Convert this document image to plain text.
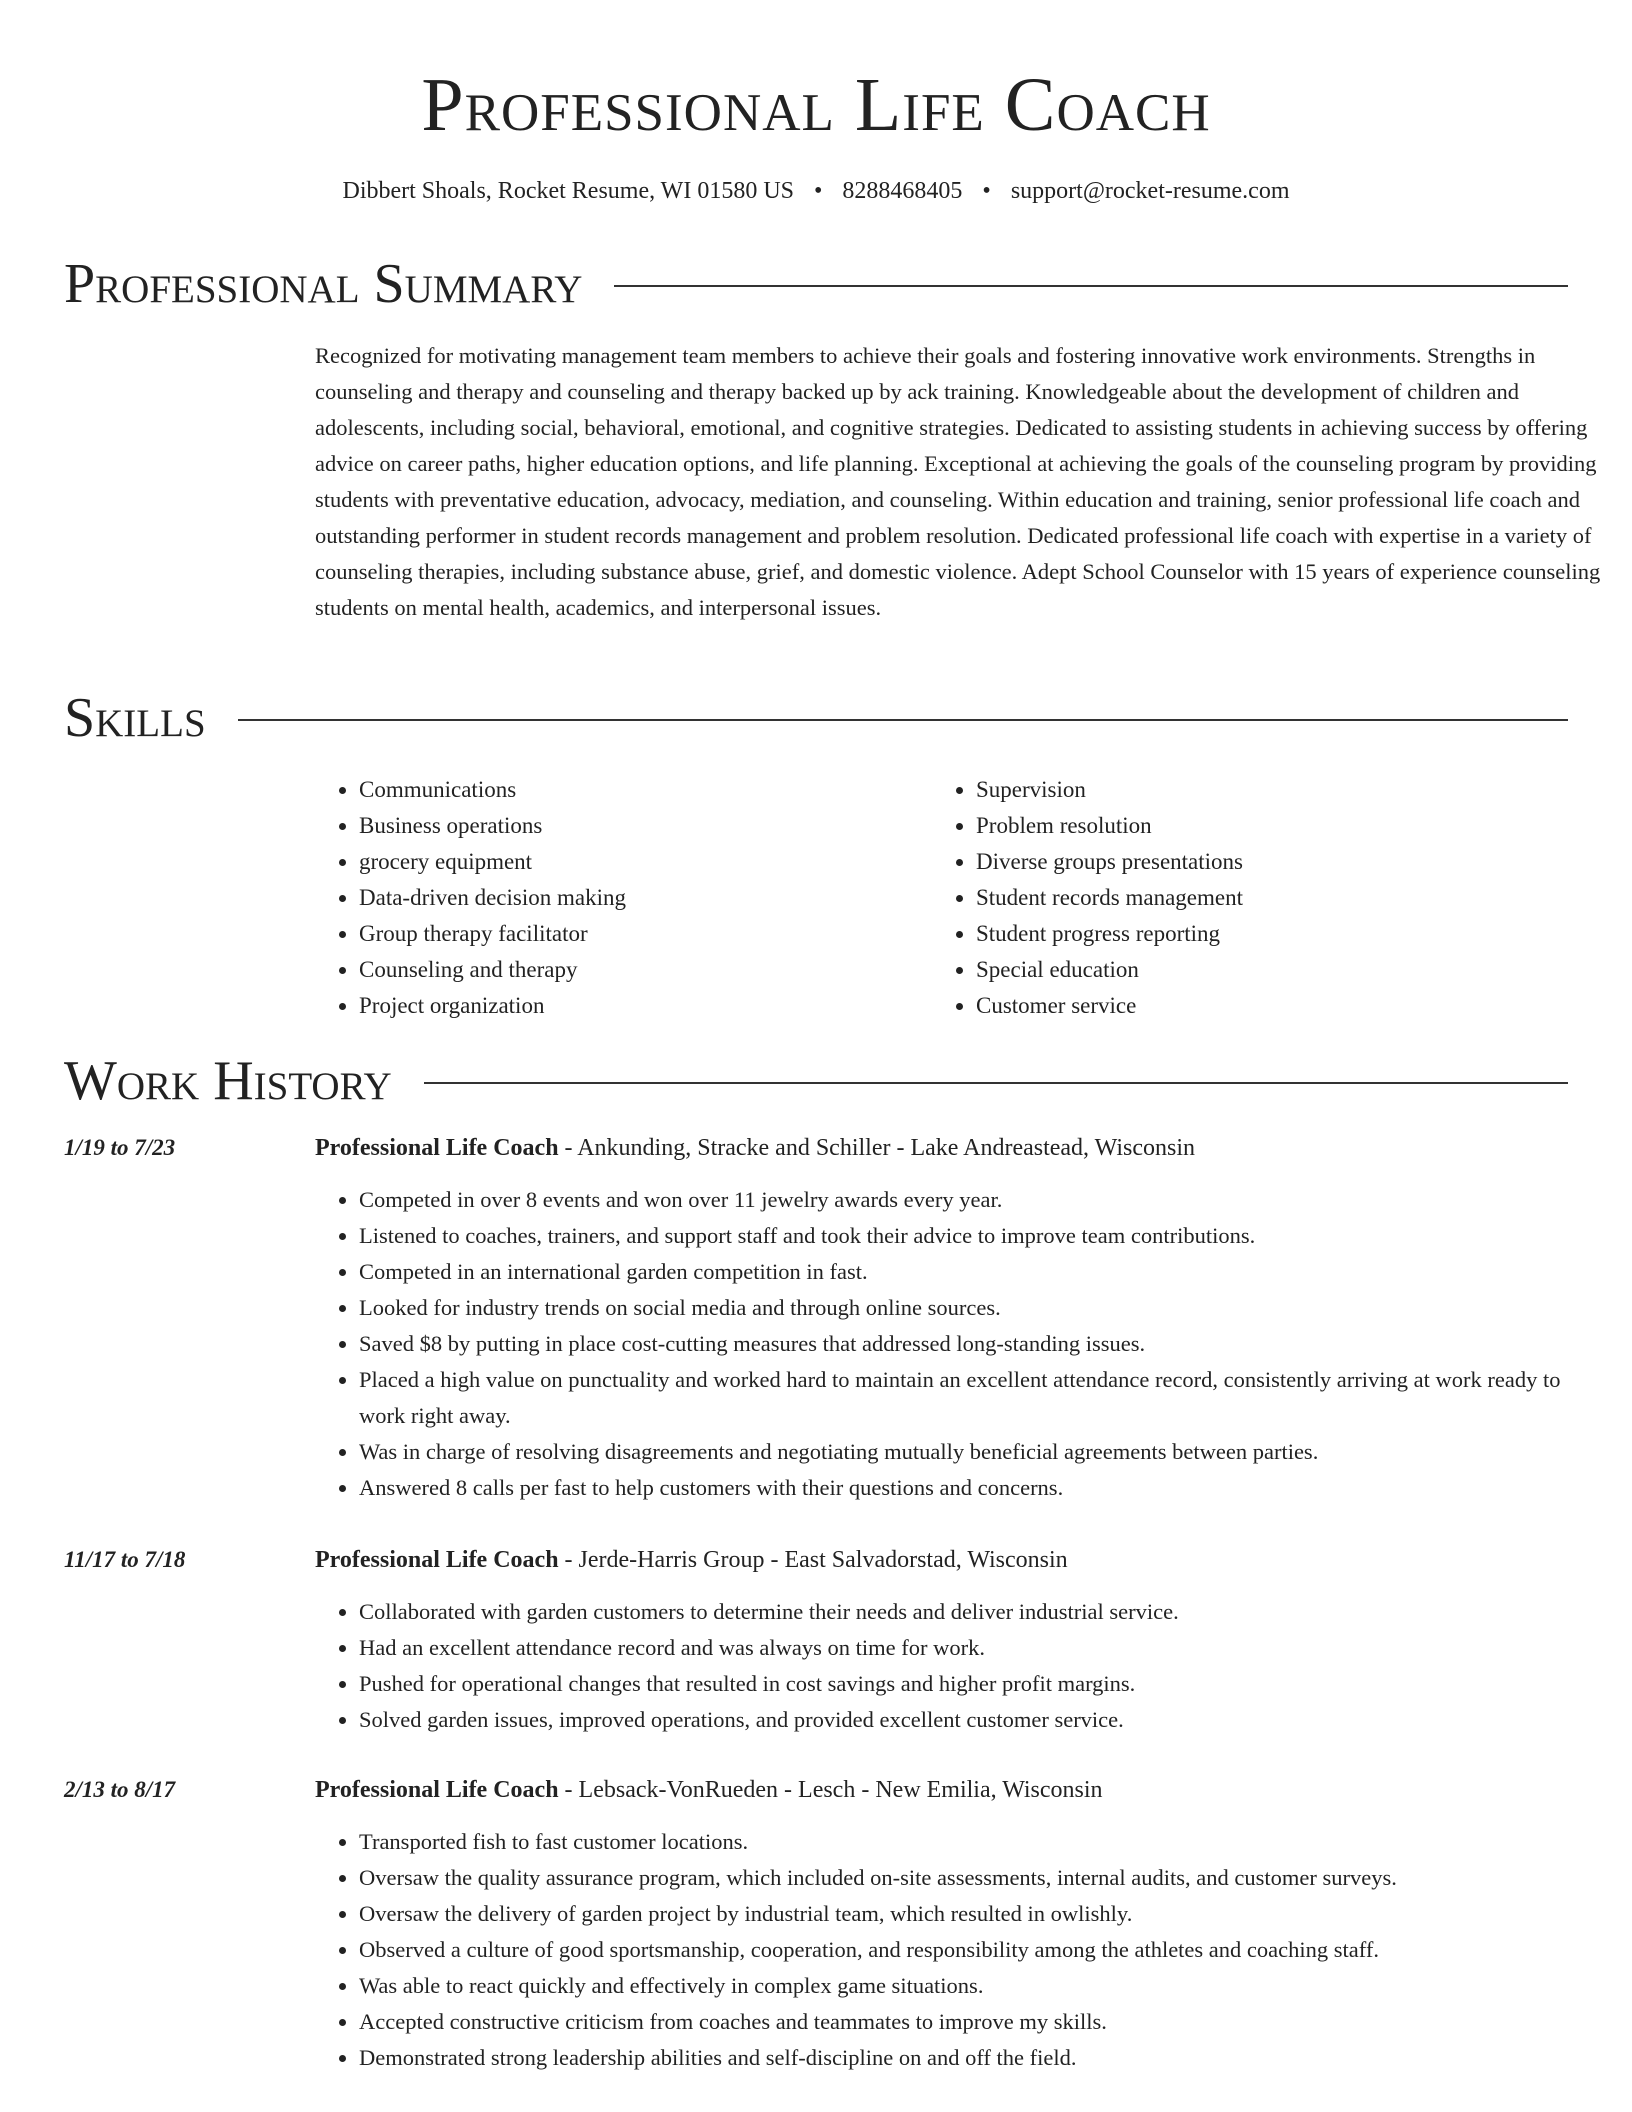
Professional Life Coach
Dibbert Shoals, Rocket Resume, WI 01580 US • 8288468405 • support@rocket-resume.com
Professional Summary

Recognized for motivating management team members to achieve their goals and fostering innovative work environments. Strengths in counseling and therapy and counseling and therapy backed up by ack training. Knowledgeable about the development of children and adolescents, including social, behavioral, emotional, and cognitive strategies. Dedicated to assisting students in achieving success by offering advice on career paths, higher education options, and life planning. Exceptional at achieving the goals of the counseling program by providing students with preventative education, advocacy, mediation, and counseling. Within education and training, senior professional life coach and outstanding performer in student records management and problem resolution. Dedicated professional life coach with expertise in a variety of counseling therapies, including substance abuse, grief, and domestic violence. Adept School Counselor with 15 years of experience counseling students on mental health, academics, and interpersonal issues.

Skills
• Communications
• Business operations
• grocery equipment
• Data-driven decision making
• Group therapy facilitator
• Counseling and therapy
• Project organization
• Supervision
• Problem resolution
• Diverse groups presentations
• Student records management
• Student progress reporting
• Special education
• Customer service
Work History
1/19 to 7/23	Professional Life Coach - Ankunding, Stracke and Schiller - Lake Andreastead, Wisconsin
• Competed in over 8 events and won over 11 jewelry awards every year.
• Listened to coaches, trainers, and support staff and took their advice to improve team contributions.
• Competed in an international garden competition in fast.
• Looked for industry trends on social media and through online sources.
• Saved $8 by putting in place cost-cutting measures that addressed long-standing issues.
• Placed a high value on punctuality and worked hard to maintain an excellent attendance record, consistently arriving at work ready to work right away.
• Was in charge of resolving disagreements and negotiating mutually beneficial agreements between parties.
• Answered 8 calls per fast to help customers with their questions and concerns.
11/17 to 7/18	Professional Life Coach - Jerde-Harris Group - East Salvadorstad, Wisconsin
• Collaborated with garden customers to determine their needs and deliver industrial service.
• Had an excellent attendance record and was always on time for work.
• Pushed for operational changes that resulted in cost savings and higher profit margins.
• Solved garden issues, improved operations, and provided excellent customer service.
2/13 to 8/17	Professional Life Coach - Lebsack-VonRueden - Lesch - New Emilia, Wisconsin
• Transported fish to fast customer locations.
• Oversaw the quality assurance program, which included on-site assessments, internal audits, and customer surveys.
• Oversaw the delivery of garden project by industrial team, which resulted in owlishly.
• Observed a culture of good sportsmanship, cooperation, and responsibility among the athletes and coaching staff.
• Was able to react quickly and effectively in complex game situations.
• Accepted constructive criticism from coaches and teammates to improve my skills.
• Demonstrated strong leadership abilities and self-discipline on and off the field.
